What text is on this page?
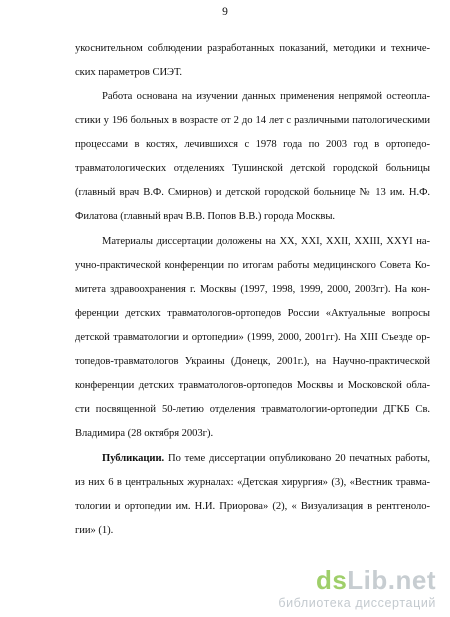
9
укоснительном соблюдении разработанных показаний, методики и техниче-
ских параметров СИЭТ.
Работа основана на изучении данных применения непрямой остеопла-
стики у 196 больных в возрасте от 2 до 14 лет с различными патологическими
процессами в костях, лечившихся с 1978 года по 2003 год в ортопедо-
травматологических отделениях Тушинской детской городской больницы
(главный врач В.Ф. Смирнов) и детской городской больнице № 13 им. Н.Ф.
Филатова (главный врач В.В. Попов В.В.) города Москвы.
Материалы диссертации доложены на XX, XXI, XXII, XXIII, XXYI на-
учно-практической конференции по итогам работы медицинского Совета Ко-
митета здравоохранения г. Москвы (1997, 1998, 1999, 2000, 2003гг). На кон-
ференции детских травматологов-ортопедов России «Актуальные вопросы
детской травматологии и ортопедии» (1999, 2000, 2001гг). На XIII Съезде ор-
топедов-травматологов Украины (Донецк, 2001г.), на Научно-практической
конференции детских травматологов-ортопедов Москвы и Московской обла-
сти посвященной 50-летию отделения травматологии-ортопедии ДГКБ Св.
Владимира (28 октября 2003г).
Публикации. По теме диссертации опубликовано 20 печатных работы,
из них 6 в центральных журналах: «Детская хирургия» (3), «Вестник травма-
тологии и ортопедии им. Н.И. Приорова» (2), « Визуализация в рентгеноло-
гии» (1).
dsLib.net
библиотека диссертаций
